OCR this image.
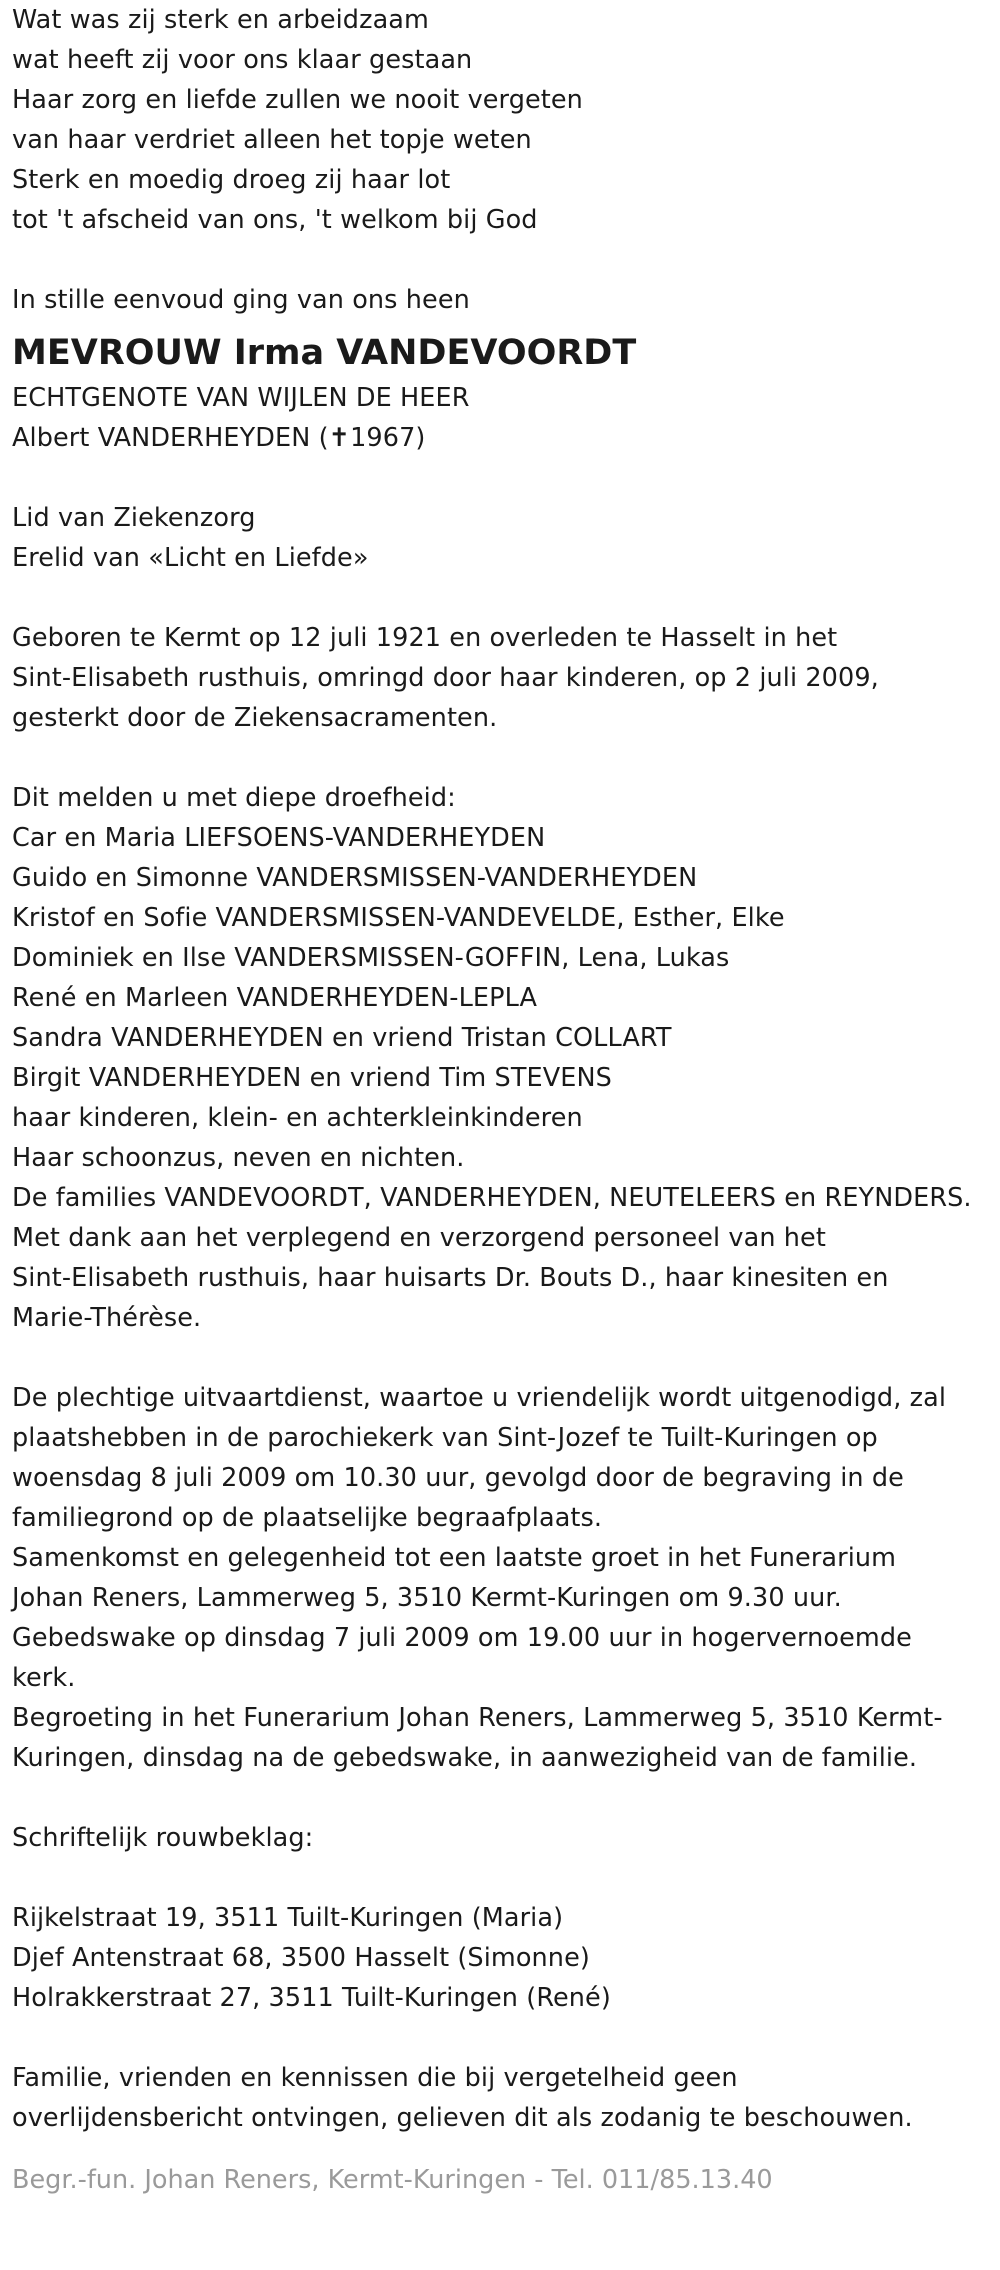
Wat was zij sterk en arbeidzaam
wat heeft zij voor ons klaar gestaan
Haar zorg en liefde zullen we nooit vergeten
van haar verdriet alleen het topje weten
Sterk en moedig droeg zij haar lot
tot 't afscheid van ons, 't welkom bij God
In stille eenvoud ging van ons heen
MEVROUW Irma VANDEVOORDT
ECHTGENOTE VAN WIJLEN DE HEER
Albert VANDERHEYDEN (✝1967)
Lid van Ziekenzorg
Erelid van «Licht en Liefde»
Geboren te Kermt op 12 juli 1921 en overleden te Hasselt in het
Sint-Elisabeth rusthuis, omringd door haar kinderen, op 2 juli 2009,
gesterkt door de Ziekensacramenten.
Dit melden u met diepe droefheid:
Car en Maria LIEFSOENS-VANDERHEYDEN
Guido en Simonne VANDERSMISSEN-VANDERHEYDEN
Kristof en Sofie VANDERSMISSEN-VANDEVELDE, Esther, Elke
Dominiek en Ilse VANDERSMISSEN-GOFFIN, Lena, Lukas
René en Marleen VANDERHEYDEN-LEPLA
Sandra VANDERHEYDEN en vriend Tristan COLLART
Birgit VANDERHEYDEN en vriend Tim STEVENS
haar kinderen, klein- en achterkleinkinderen
Haar schoonzus, neven en nichten.
De families VANDEVOORDT, VANDERHEYDEN, NEUTELEERS en REYNDERS.
Met dank aan het verplegend en verzorgend personeel van het
Sint-Elisabeth rusthuis, haar huisarts Dr. Bouts D., haar kinesiten en
Marie-Thérèse.
De plechtige uitvaartdienst, waartoe u vriendelijk wordt uitgenodigd, zal
plaatshebben in de parochiekerk van Sint-Jozef te Tuilt-Kuringen op
woensdag 8 juli 2009 om 10.30 uur, gevolgd door de begraving in de
familiegrond op de plaatselijke begraafplaats.
Samenkomst en gelegenheid tot een laatste groet in het Funerarium
Johan Reners, Lammerweg 5, 3510 Kermt-Kuringen om 9.30 uur.
Gebedswake op dinsdag 7 juli 2009 om 19.00 uur in hogervernoemde
kerk.
Begroeting in het Funerarium Johan Reners, Lammerweg 5, 3510 Kermt-
Kuringen, dinsdag na de gebedswake, in aanwezigheid van de familie.
Schriftelijk rouwbeklag:
Rijkelstraat 19, 3511 Tuilt-Kuringen (Maria)
Djef Antenstraat 68, 3500 Hasselt (Simonne)
Holrakkerstraat 27, 3511 Tuilt-Kuringen (René)
Familie, vrienden en kennissen die bij vergetelheid geen
overlijdensbericht ontvingen, gelieven dit als zodanig te beschouwen.
Begr.-fun. Johan Reners, Kermt-Kuringen - Tel. 011/85.13.40
